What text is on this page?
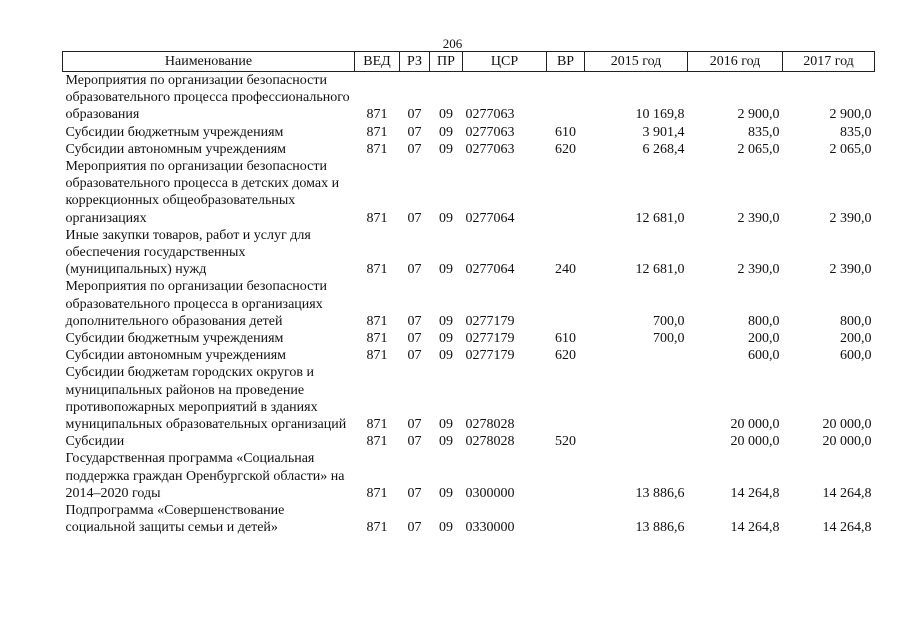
206
Наименование	ВЕД	РЗ	ПР	ЦСР	ВР	2015 год	2016 год	2017 год
Мероприятия по организации безопасности образовательного процесса профессионального образования	871	07	09	0277063		10 169,8	2 900,0	2 900,0
Субсидии бюджетным учреждениям	871	07	09	0277063	610	3 901,4	835,0	835,0
Субсидии автономным учреждениям	871	07	09	0277063	620	6 268,4	2 065,0	2 065,0
Мероприятия по организации безопасности образовательного процесса в детских домах и коррекционных общеобразовательных организациях	871	07	09	0277064		12 681,0	2 390,0	2 390,0
Иные закупки товаров, работ и услуг для обеспечения государственных (муниципальных) нужд	871	07	09	0277064	240	12 681,0	2 390,0	2 390,0
Мероприятия по организации безопасности образовательного процесса в организациях дополнительного образования детей	871	07	09	0277179		700,0	800,0	800,0
Субсидии бюджетным учреждениям	871	07	09	0277179	610	700,0	200,0	200,0
Субсидии автономным учреждениям	871	07	09	0277179	620		600,0	600,0
Субсидии бюджетам городских округов и муниципальных районов на проведение противопожарных мероприятий в зданиях муниципальных образовательных организаций	871	07	09	0278028			20 000,0	20 000,0
Субсидии	871	07	09	0278028	520		20 000,0	20 000,0
Государственная программа «Социальная поддержка граждан Оренбургской области» на 2014–2020 годы	871	07	09	0300000		13 886,6	14 264,8	14 264,8
Подпрограмма «Совершенствование социальной защиты семьи и детей»	871	07	09	0330000		13 886,6	14 264,8	14 264,8
